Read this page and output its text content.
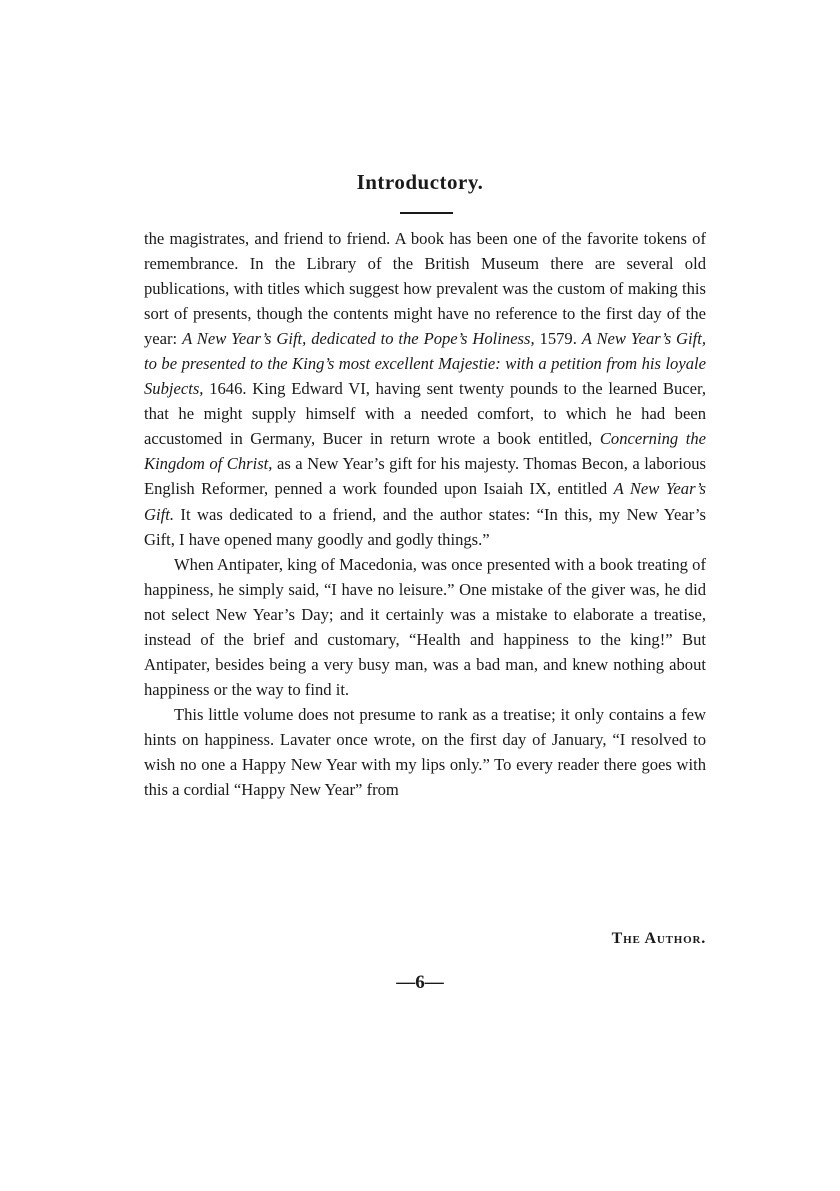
Introductory.

the magistrates, and friend to friend. A book has been one of the favorite tokens of remembrance. In the Library of the British Museum there are several old publications, with titles which suggest how prevalent was the custom of making this sort of presents, though the contents might have no reference to the first day of the year: A New Year’s Gift, dedicated to the Pope’s Holiness, 1579. A New Year’s Gift, to be presented to the King’s most excellent Majestie: with a petition from his loyale Subjects, 1646. King Edward VI, having sent twenty pounds to the learned Bucer, that he might supply himself with a needed comfort, to which he had been accustomed in Germany, Bucer in return wrote a book entitled, Concerning the Kingdom of Christ, as a New Year’s gift for his majesty. Thomas Becon, a laborious English Reformer, penned a work founded upon Isaiah IX, entitled A New Year’s Gift. It was dedicated to a friend, and the author states: “In this, my New Year’s Gift, I have opened many goodly and godly things.”

When Antipater, king of Macedonia, was once presented with a book treating of happiness, he simply said, “I have no leisure.” One mistake of the giver was, he did not select New Year’s Day; and it certainly was a mistake to elaborate a treatise, instead of the brief and customary, “Health and happiness to the king!” But Antipater, besides being a very busy man, was a bad man, and knew nothing about happiness or the way to find it.

This little volume does not presume to rank as a treatise; it only contains a few hints on happiness. Lavater once wrote, on the first day of January, “I resolved to wish no one a Happy New Year with my lips only.” To every reader there goes with this a cordial “Happy New Year” from

The Author.
—6—
